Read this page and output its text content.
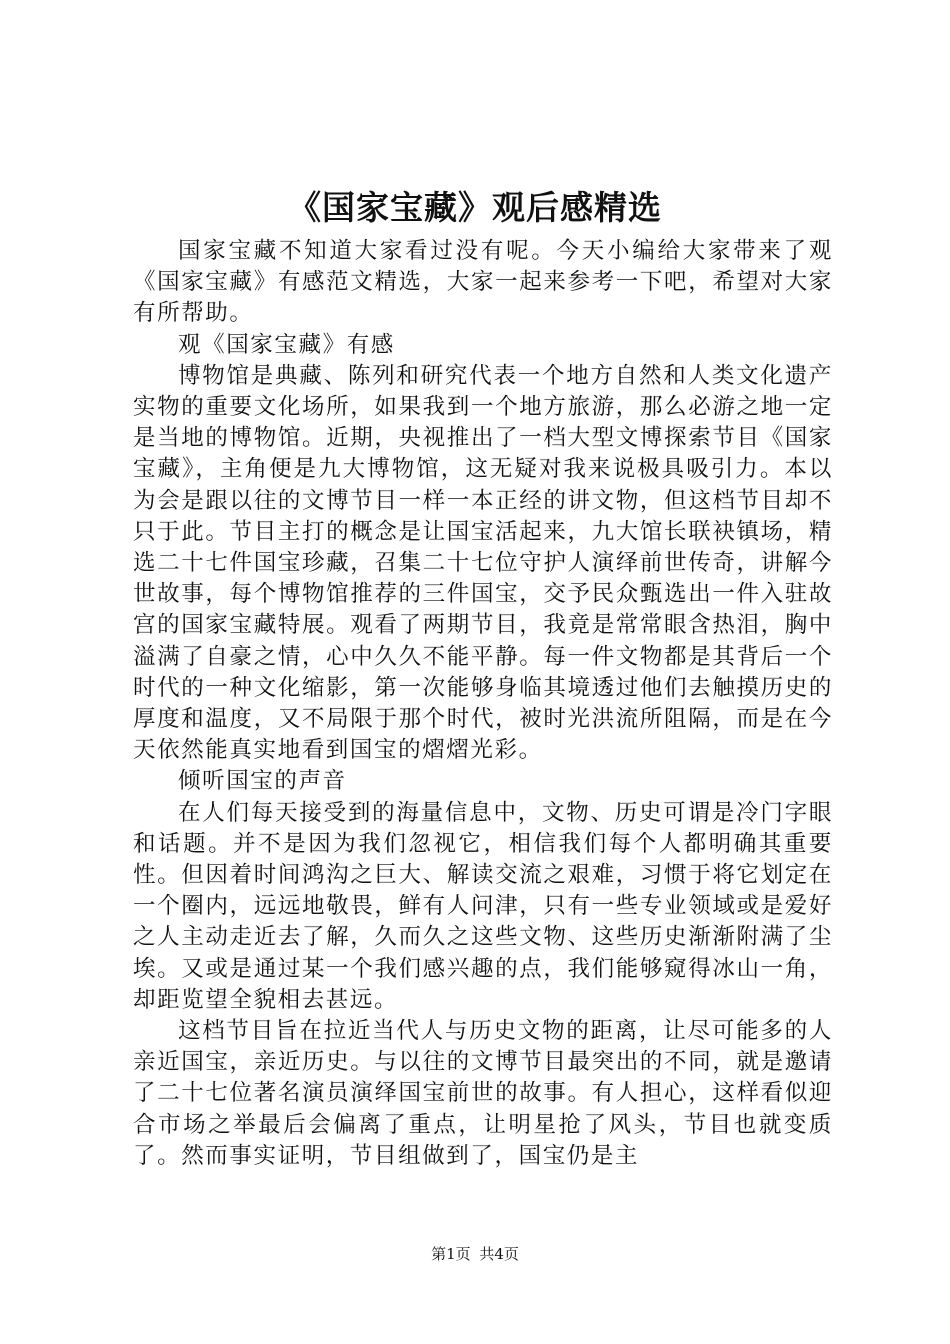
《国家宝藏》观后感精选

国家宝藏不知道大家看过没有呢。今天小编给大家带来了观《国家宝藏》有感范文精选，大家一起来参考一下吧，希望对大家有所帮助。

观《国家宝藏》有感

博物馆是典藏、陈列和研究代表一个地方自然和人类文化遗产实物的重要文化场所，如果我到一个地方旅游，那么必游之地一定是当地的博物馆。近期，央视推出了一档大型文博探索节目《国家宝藏》，主角便是九大博物馆，这无疑对我来说极具吸引力。本以为会是跟以往的文博节目一样一本正经的讲文物，但这档节目却不只于此。节目主打的概念是让国宝活起来，九大馆长联袂镇场，精选二十七件国宝珍藏，召集二十七位守护人演绎前世传奇，讲解今世故事，每个博物馆推荐的三件国宝，交予民众甄选出一件入驻故宫的国家宝藏特展。观看了两期节目，我竟是常常眼含热泪，胸中溢满了自豪之情，心中久久不能平静。每一件文物都是其背后一个时代的一种文化缩影，第一次能够身临其境透过他们去触摸历史的厚度和温度，又不局限于那个时代，被时光洪流所阻隔，而是在今天依然能真实地看到国宝的熠熠光彩。

倾听国宝的声音

在人们每天接受到的海量信息中，文物、历史可谓是冷门字眼和话题。并不是因为我们忽视它，相信我们每个人都明确其重要性。但因着时间鸿沟之巨大、解读交流之艰难，习惯于将它划定在一个圈内，远远地敬畏，鲜有人问津，只有一些专业领域或是爱好之人主动走近去了解，久而久之这些文物、这些历史渐渐附满了尘埃。又或是通过某一个我们感兴趣的点，我们能够窥得冰山一角，却距览望全貌相去甚远。

这档节目旨在拉近当代人与历史文物的距离，让尽可能多的人亲近国宝，亲近历史。与以往的文博节目最突出的不同，就是邀请了二十七位著名演员演绎国宝前世的故事。有人担心，这样看似迎合市场之举最后会偏离了重点，让明星抢了风头，节目也就变质了。然而事实证明，节目组做到了，国宝仍是主

第1页 共4页
